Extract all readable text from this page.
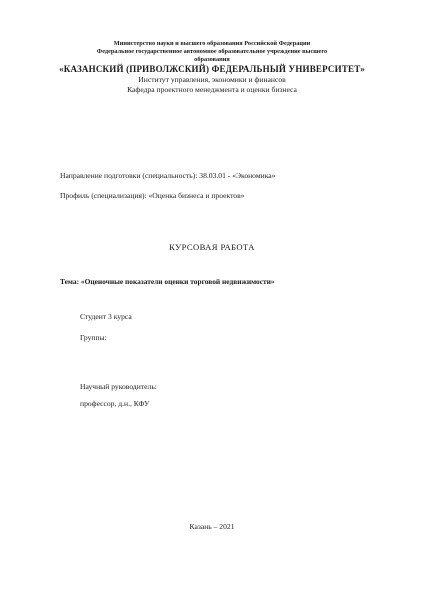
Министерство науки и высшего образования Российской Федерации
Федеральное государственное автономное образовательное учреждение высшего
образования
«КАЗАНСКИЙ (ПРИВОЛЖСКИЙ) ФЕДЕРАЛЬНЫЙ УНИВЕРСИТЕТ»
Институт управления, экономики и финансов
Кафедра проектного менеджмента и оценки бизнеса
Направление подготовки (специальность): 38.03.01 - «Экономика»
Профиль (специализация): «Оценка бизнеса и проектов»
КУРСОВАЯ РАБОТА
Тема: «Оценочные показатели оценки торговой недвижимости»
Студент 3 курса
Группы:
Научный руководитель:
профессор, д.н., КФУ
Казань – 2021
